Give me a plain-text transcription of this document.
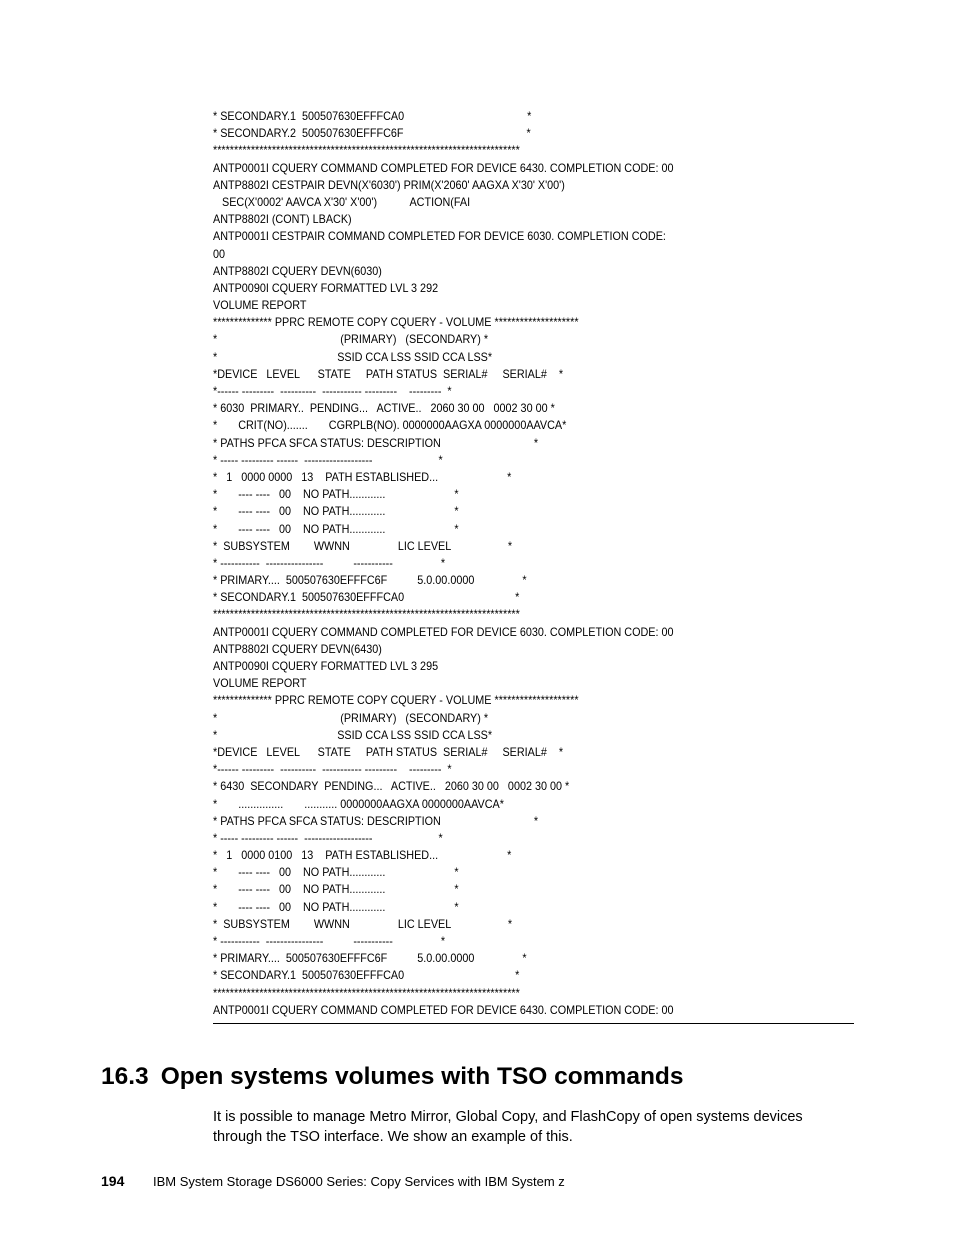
* SECONDARY.1  500507630EFFFCA0                                         *
* SECONDARY.2  500507630EFFFC6F                                         *
*************************************************************************
ANTP0001I CQUERY COMMAND COMPLETED FOR DEVICE 6430. COMPLETION CODE: 00
ANTP8802I CESTPAIR DEVN(X'6030') PRIM(X'2060' AAGXA X'30' X'00')
SEC(X'0002' AAVCA X'30' X'00')           ACTION(FAI
ANTP8802I (CONT) LBACK)
ANTP0001I CESTPAIR COMMAND COMPLETED FOR DEVICE 6030. COMPLETION CODE:
00
ANTP8802I CQUERY DEVN(6030)
ANTP0090I CQUERY FORMATTED LVL 3 292
VOLUME REPORT
************** PPRC REMOTE COPY CQUERY - VOLUME ********************
*                                         (PRIMARY)   (SECONDARY) *
*                                        SSID CCA LSS SSID CCA LSS*
*DEVICE   LEVEL      STATE     PATH STATUS  SERIAL#     SERIAL#    *
*------ ---------  ----------  ----------- ---------    ---------  *
* 6030  PRIMARY..  PENDING...   ACTIVE..   2060 30 00   0002 30 00 *
*       CRIT(NO).......       CGRPLB(NO). 0000000AAGXA 0000000AAVCA*
* PATHS PFCA SFCA STATUS: DESCRIPTION                               *
* ----- --------- ------  -------------------                      *
*   1   0000 0000   13    PATH ESTABLISHED...                       *
*       ---- ----   00    NO PATH............                       *
*       ---- ----   00    NO PATH............                       *
*       ---- ----   00    NO PATH............                       *
*  SUBSYSTEM        WWNN                LIC LEVEL                   *
* -----------  ----------------          -----------                *
* PRIMARY....  500507630EFFFC6F          5.0.00.0000                *
* SECONDARY.1  500507630EFFFCA0                                     *
*************************************************************************
ANTP0001I CQUERY COMMAND COMPLETED FOR DEVICE 6030. COMPLETION CODE: 00
ANTP8802I CQUERY DEVN(6430)
ANTP0090I CQUERY FORMATTED LVL 3 295
VOLUME REPORT
************** PPRC REMOTE COPY CQUERY - VOLUME ********************
*                                         (PRIMARY)   (SECONDARY) *
*                                        SSID CCA LSS SSID CCA LSS*
*DEVICE   LEVEL      STATE     PATH STATUS  SERIAL#     SERIAL#    *
*------ ---------  ----------  ----------- ---------    ---------  *
* 6430  SECONDARY  PENDING...   ACTIVE..   2060 30 00   0002 30 00 *
*       ...............       ........... 0000000AAGXA 0000000AAVCA*
* PATHS PFCA SFCA STATUS: DESCRIPTION                               *
* ----- --------- ------  -------------------                      *
*   1   0000 0100   13    PATH ESTABLISHED...                       *
*       ---- ----   00    NO PATH............                       *
*       ---- ----   00    NO PATH............                       *
*       ---- ----   00    NO PATH............                       *
*  SUBSYSTEM        WWNN                LIC LEVEL                   *
* -----------  ----------------          -----------                *
* PRIMARY....  500507630EFFFC6F          5.0.00.0000                *
* SECONDARY.1  500507630EFFFCA0                                     *
*************************************************************************
ANTP0001I CQUERY COMMAND COMPLETED FOR DEVICE 6430. COMPLETION CODE: 00
16.3 Open systems volumes with TSO commands

It is possible to manage Metro Mirror, Global Copy, and FlashCopy of open systems devices through the TSO interface. We show an example of this.

194 IBM System Storage DS6000 Series: Copy Services with IBM System z
